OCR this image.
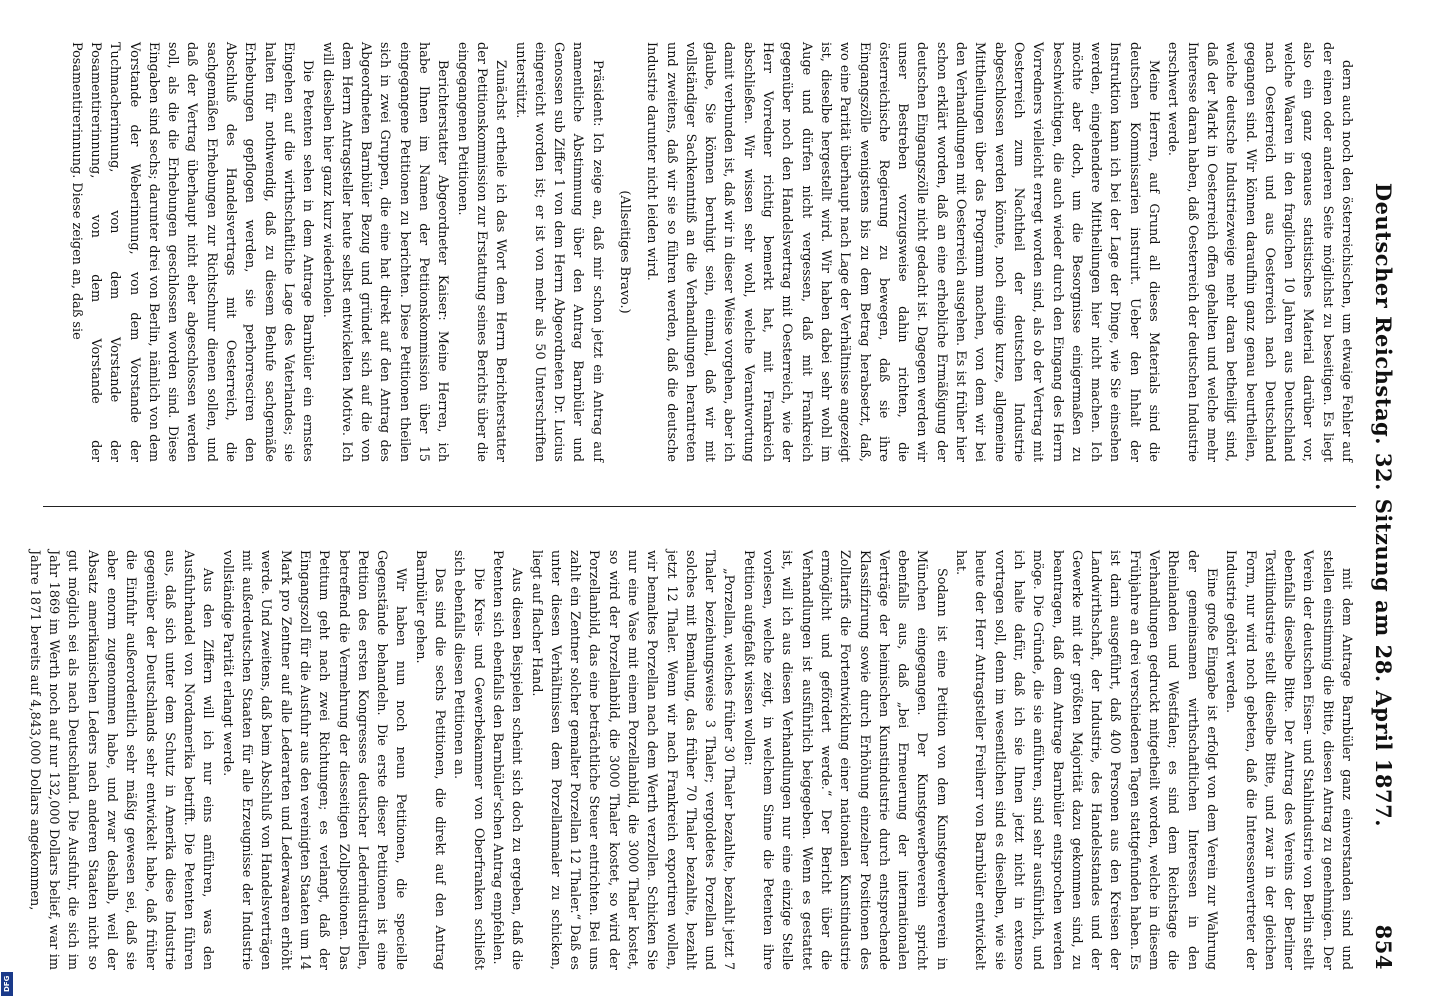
Deutscher Reichstag. 32. Sitzung am 28. April 1877.
854

dern auch noch den österreichischen, um etwaige Fehler auf der einen oder anderen Seite möglichst zu beseitigen. Es liegt also ein ganz genaues statistisches Material darüber vor, welche Waaren in den fraglichen 10 Jahren aus Deutschland nach Oesterreich und aus Oesterreich nach Deutschland gegangen sind. Wir können daraufhin ganz genau beurtheilen, welche deutsche Industriezweige mehr daran betheiligt sind, daß der Markt in Oesterreich offen gehalten und welche mehr Interesse daran haben, daß Oesterreich der deutschen Industrie erschwert werde.

Meine Herren, auf Grund all dieses Materials sind die deutschen Kommissarien instruirt. Ueber den Inhalt der Instruktion kann ich bei der Lage der Dinge, wie Sie einsehen werden, eingehendere Mittheilungen hier nicht machen. Ich möchte aber doch, um die Besorgnisse einigermaßen zu beschwichtigen, die auch wieder durch den Eingang des Herrn Vorredners vielleicht erregt worden sind, als ob der Vertrag mit Oesterreich zum Nachtheil der deutschen Industrie abgeschlossen werden könnte, noch einige kurze, allgemeine Mittheilungen über das Programm machen, von dem wir bei den Verhandlungen mit Oesterreich ausgehen. Es ist früher hier schon erklärt worden, daß an eine erhebliche Ermäßigung der deutschen Eingangszölle nicht gedacht ist. Dagegen werden wir unser Bestreben vorzugsweise dahin richten, die österreichische Regierung zu bewegen, daß sie ihre Eingangszölle wenigstens bis zu dem Betrag herabsetzt, daß, wo eine Parität überhaupt nach Lage der Verhältnisse angezeigt ist, dieselbe hergestellt wird. Wir haben dabei sehr wohl im Auge und dürfen nicht vergessen, daß mit Frankreich gegenüber noch den Handelsvertrag mit Oesterreich, wie der Herr Vorredner richtig bemerkt hat, mit Frankreich abschließen. Wir wissen sehr wohl, welche Verantwortung damit verbunden ist, daß wir in dieser Weise vorgehen, aber ich glaube, Sie können beruhigt sein, einmal, daß wir mit vollständiger Sachkenntniß an die Verhandlungen herantreten und zweitens, daß wir sie so führen werden, daß die deutsche Industrie darunter nicht leiden wird.

(Allseitiges Bravo.)

Präsident: Ich zeige an, daß mir schon jetzt ein Antrag auf namentliche Abstimmung über den Antrag Barnbüler und Genossen sub Ziffer 1 von dem Herrn Abgeordneten Dr. Lucius eingereicht worden ist; er ist von mehr als 50 Unterschriften unterstützt.

Zunächst ertheile ich das Wort dem Herrn Berichterstatter der Petitionskommission zur Erstattung seines Berichts über die eingegangenen Petitionen.

Berichterstatter Abgeordneter Kaiser: Meine Herren, ich habe Ihnen im Namen der Petitionskommission über 15 eingegangene Petitionen zu berichten. Diese Petitionen theilen sich in zwei Gruppen, die eine hat direkt auf den Antrag des Abgeordneten Barnbüler Bezug und gründet sich auf die von dem Herrn Antragsteller heute selbst entwickelten Motive. Ich will dieselben hier ganz kurz wiederholen.

Die Petenten sehen in dem Antrage Barnbüler ein ernstes Eingehen auf die wirthschaftliche Lage des Vaterlandes; sie halten für nothwendig, daß zu diesem Behufe sachgemäße Erhebungen gepflogen werden, sie perhorresciren den Abschluß des Handelsvertrags mit Oesterreich, die sachgemäßen Erhebungen zur Richtschnur dienen sollen, und daß der Vertrag überhaupt nicht eher abgeschlossen werden soll, als die die Erhebungen geschlossen worden sind. Diese Eingaben sind sechs; darunter drei von Berlin, nämlich von dem Vorstande der Weberinnung, von dem Vorstande der Tuchmacherinnung, von dem Vorstande der Posamentirerinnung, von dem Vorstande der Posamentirerinnung. Diese zeigen an, daß sie

mit dem Antrage Barnbüler ganz einverstanden sind und stellen einstimmig die Bitte, diesen Antrag zu genehmigen. Der Verein der deutschen Eisen- und Stahlindustrie von Berlin stellt ebenfalls dieselbe Bitte. Der Antrag des Vereins der Berliner Textilindustrie stellt dieselbe Bitte, und zwar in der gleichen Form, nur wird noch gebeten, daß die Interessenvertreter der Industrie gehört werden.

Eine große Eingabe ist erfolgt von dem Verein zur Wahrung der gemeinsamen wirthschaftlichen Interessen in den Rheinlanden und Westfalen; es sind dem Reichstage die Verhandlungen gedruckt mitgetheilt worden, welche in diesem Frühjahre an drei verschiedenen Tagen stattgefunden haben. Es ist darin ausgeführt, daß 400 Personen aus den Kreisen der Landwirthschaft, der Industrie, des Handelsstandes und der Gewerke mit der größten Majorität dazu gekommen sind, zu beantragen, daß dem Antrage Barnbüler entsprochen werden möge. Die Gründe, die sie anführen, sind sehr ausführlich, und ich halte dafür, daß ich sie Ihnen jetzt nicht in extenso vortragen soll, denn im wesentlichen sind es dieselben, wie sie heute der Herr Antragsteller Freiherr von Barnbüler entwickelt hat.

Sodann ist eine Petition von dem Kunstgewerbeverein in München eingegangen. Der Kunstgewerbeverein spricht ebenfalls aus, daß „bei Erneuerung der internationalen Verträge der heimischen Kunstindustrie durch entsprechende Klassifizirung sowie durch Erhöhung einzelner Positionen des Zolltarifs die Fortentwicklung einer nationalen Kunstindustrie ermöglicht und gefördert werde.“ Der Bericht über die Verhandlungen ist ausführlich beigegeben. Wenn es gestattet ist, will ich aus diesen Verhandlungen nur eine einzige Stelle vorlesen, welche zeigt, in welchem Sinne die Petenten ihre Petition aufgefaßt wissen wollen:

„Porzellan, welches früher 30 Thaler bezahlte, bezahlt jetzt 7 Thaler beziehungsweise 3 Thaler; vergoldetes Porzellan und solches mit Bemalung, das früher 70 Thaler bezahlte, bezahlt jetzt 12 Thaler. Wenn wir nach Frankreich exportiren wollen, wir bemaltes Porzellan nach dem Werth verzollen. Schicken Sie nur eine Vase mit einem Porzellanbild, die 3000 Thaler kostet, so wird der Porzellanbild, die 3000 Thaler kostet, so wird der Porzellanbild, das eine beträchtliche Steuer entrichten. Bei uns zahlt ein Zentner solcher gemalter Porzellan 12 Thaler.“ Daß es unter diesen Verhältnissen dem Porzellanmaler zu schicken, liegt auf flacher Hand.

Aus diesen Beispielen scheint sich doch zu ergeben, daß die Petenten sich ebenfalls den Barnbüler'schen Antrag empfehlen.

Die Kreis- und Gewerbekammer von Oberfranken schließt sich ebenfalls diesen Petitionen an.

Das sind die sechs Petitionen, die direkt auf den Antrag Barnbüler gehen.

Wir haben nun noch neun Petitionen, die specielle Gegenstände behandeln. Die erste dieser Petitionen ist eine Petition des ersten Kongresses deutscher Lederindustriellen, betreffend die Vermehrung der diesseitigen Zollpositionen. Das Petitum geht nach zwei Richtungen; es verlangt, daß der Eingangszoll für die Ausfuhr aus den vereinigten Staaten um 14 Mark pro Zentner auf alle Lederarten und Lederwaaren erhöht werde. Und zweitens, daß beim Abschluß von Handelsverträgen mit außerdeutschen Staaten für alle Erzeugnisse der Industrie vollständige Parität erlangt werde.

Aus den Ziffern will ich nur eins anführen, was den Ausfuhrhandel von Nordamerika betrifft. Die Petenten führen aus, daß sich unter dem Schutz in Amerika diese Industrie gegenüber der Deutschlands sehr entwickelt habe, daß früher die Einfuhr außerordentlich sehr mäßig gewesen sei, daß sie aber enorm zugenommen habe, und zwar deshalb, weil der Absatz amerikanischen Leders nach anderen Staaten nicht so gut möglich sei als nach Deutschland. Die Ausfuhr, die sich im Jahr 1869 im Werth noch auf nur 132,000 Dollars belief, war im Jahre 1871 bereits auf 4,843,000 Dollars angekommen,

DFG
